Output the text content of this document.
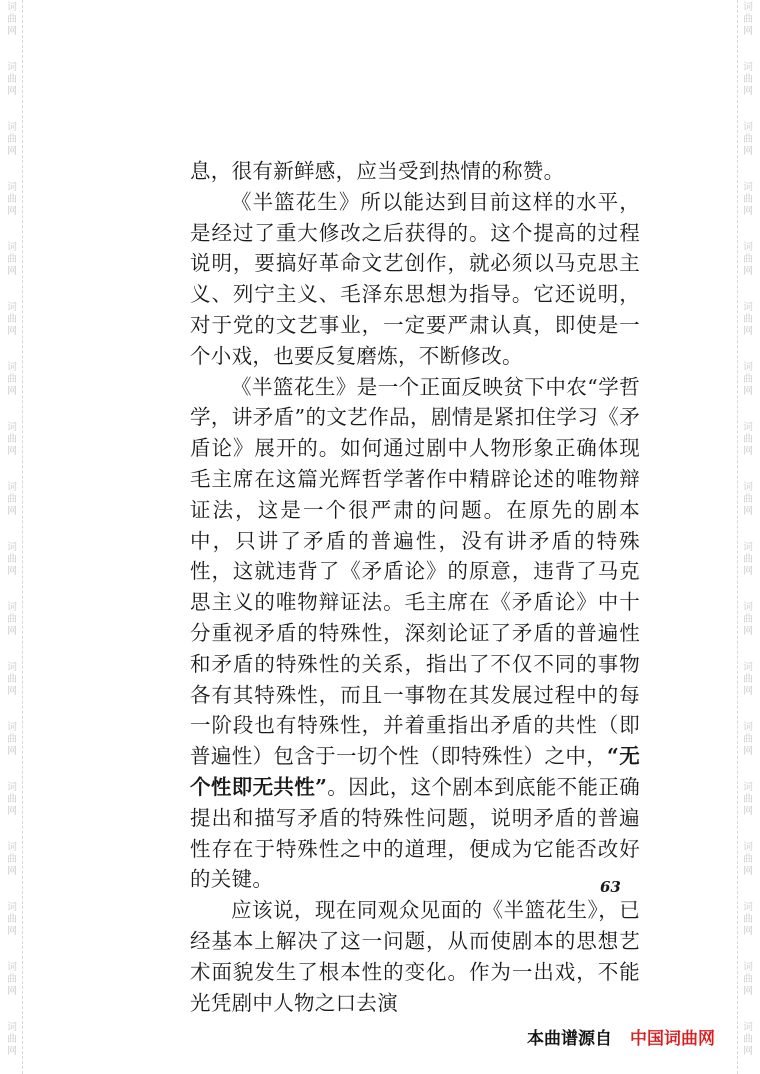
词
曲
网
词
曲
网
词
曲
网
词
曲
网
词
曲
网
词
曲
网
词
曲
网
词
曲
网
词
曲
网
词
曲
网
词
曲
网
词
曲
网
词
曲
网
词
曲
网
词
曲
网
词
曲
网
词
曲
网
词
曲
网
词
曲
网
词
曲
网
词
曲
网
词
曲
网
词
曲
网
词
曲
网
词
曲
网
词
曲
网
词
曲
网
词
曲
网
词
曲
网
词
曲
网
词
曲
网
词
曲
网
词
曲
网
词
曲
网
词
曲
网
词
曲
网

息，很有新鲜感，应当受到热情的称赞。

《半篮花生》所以能达到目前这样的水平，是经过了重大修改之后获得的。这个提高的过程说明，要搞好革命文艺创作，就必须以马克思主义、列宁主义、毛泽东思想为指导。它还说明，对于党的文艺事业，一定要严肃认真，即使是一个小戏，也要反复磨炼，不断修改。

《半篮花生》是一个正面反映贫下中农“学哲学，讲矛盾”的文艺作品，剧情是紧扣住学习《矛盾论》展开的。如何通过剧中人物形象正确体现毛主席在这篇光辉哲学著作中精辟论述的唯物辩证法，这是一个很严肃的问题。在原先的剧本中，只讲了矛盾的普遍性，没有讲矛盾的特殊性，这就违背了《矛盾论》的原意，违背了马克思主义的唯物辩证法。毛主席在《矛盾论》中十分重视矛盾的特殊性，深刻论证了矛盾的普遍性和矛盾的特殊性的关系，指出了不仅不同的事物各有其特殊性，而且一事物在其发展过程中的每一阶段也有特殊性，并着重指出矛盾的共性（即普遍性）包含于一切个性（即特殊性）之中，“无个性即无共性”。因此，这个剧本到底能不能正确提出和描写矛盾的特殊性问题，说明矛盾的普遍性存在于特殊性之中的道理，便成为它能否改好的关键。

应该说，现在同观众见面的《半篮花生》，已经基本上解决了这一问题，从而使剧本的思想艺术面貌发生了根本性的变化。作为一出戏，不能光凭剧中人物之口去演

63
本曲谱源自 中国词曲网
